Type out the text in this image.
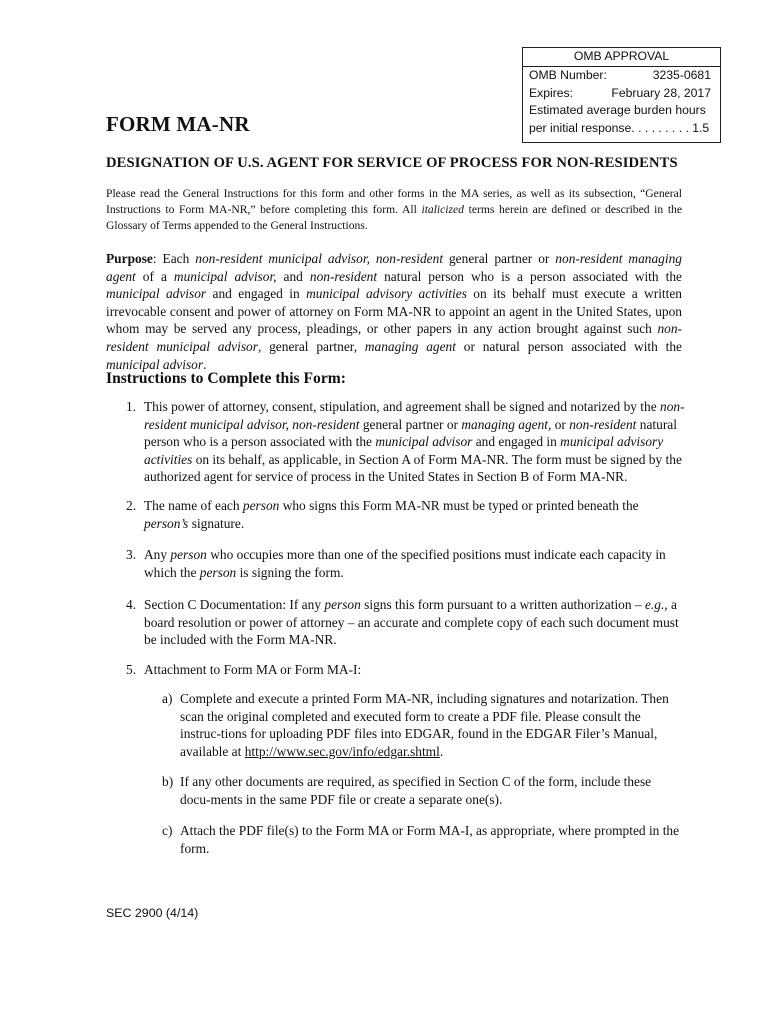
OMB APPROVAL
OMB Number:	3235-0681
Expires:	February 28, 2017
Estimated average burden hours
per initial response. . . . . . . . . 1.5
FORM MA-NR
DESIGNATION OF U.S. AGENT FOR SERVICE OF PROCESS FOR NON-RESIDENTS

Please read the General Instructions for this form and other forms in the MA series, as well as its subsection, “General Instructions to Form MA-NR,” before completing this form. All italicized terms herein are defined or described in the Glossary of Terms appended to the General Instructions.

Purpose: Each non-resident municipal advisor, non-resident general partner or non-resident managing agent of a municipal advisor, and non-resident natural person who is a person associated with the municipal advisor and engaged in municipal advisory activities on its behalf must execute a written irrevocable consent and power of attorney on Form MA-NR to appoint an agent in the United States, upon whom may be served any process, pleadings, or other papers in any action brought against such non-resident municipal advisor, general partner, managing agent or natural person associated with the municipal advisor.

Instructions to Complete this Form:
1. This power of attorney, consent, stipulation, and agreement shall be signed and notarized by the non-resident municipal advisor, non-resident general partner or managing agent, or non-resident natural person who is a person associated with the municipal advisor and engaged in municipal advisory activities on its behalf, as applicable, in Section A of Form MA-NR. The form must be signed by the authorized agent for service of process in the United States in Section B of Form MA-NR.
2. The name of each person who signs this Form MA-NR must be typed or printed beneath the person’s signature.
3. Any person who occupies more than one of the specified positions must indicate each capacity in which the person is signing the form.
4. Section C Documentation: If any person signs this form pursuant to a written authorization – e.g., a board resolution or power of attorney – an accurate and complete copy of each such document must be included with the Form MA-NR.
5. Attachment to Form MA or Form MA-I:
a) Complete and execute a printed Form MA-NR, including signatures and notarization. Then scan the original completed and executed form to create a PDF file. Please consult the instruc-tions for uploading PDF files into EDGAR, found in the EDGAR Filer’s Manual, available at http://www.sec.gov/info/edgar.shtml.
b) If any other documents are required, as specified in Section C of the form, include these docu-ments in the same PDF file or create a separate one(s).
c) Attach the PDF file(s) to the Form MA or Form MA-I, as appropriate, where prompted in the form.
SEC 2900 (4/14)
